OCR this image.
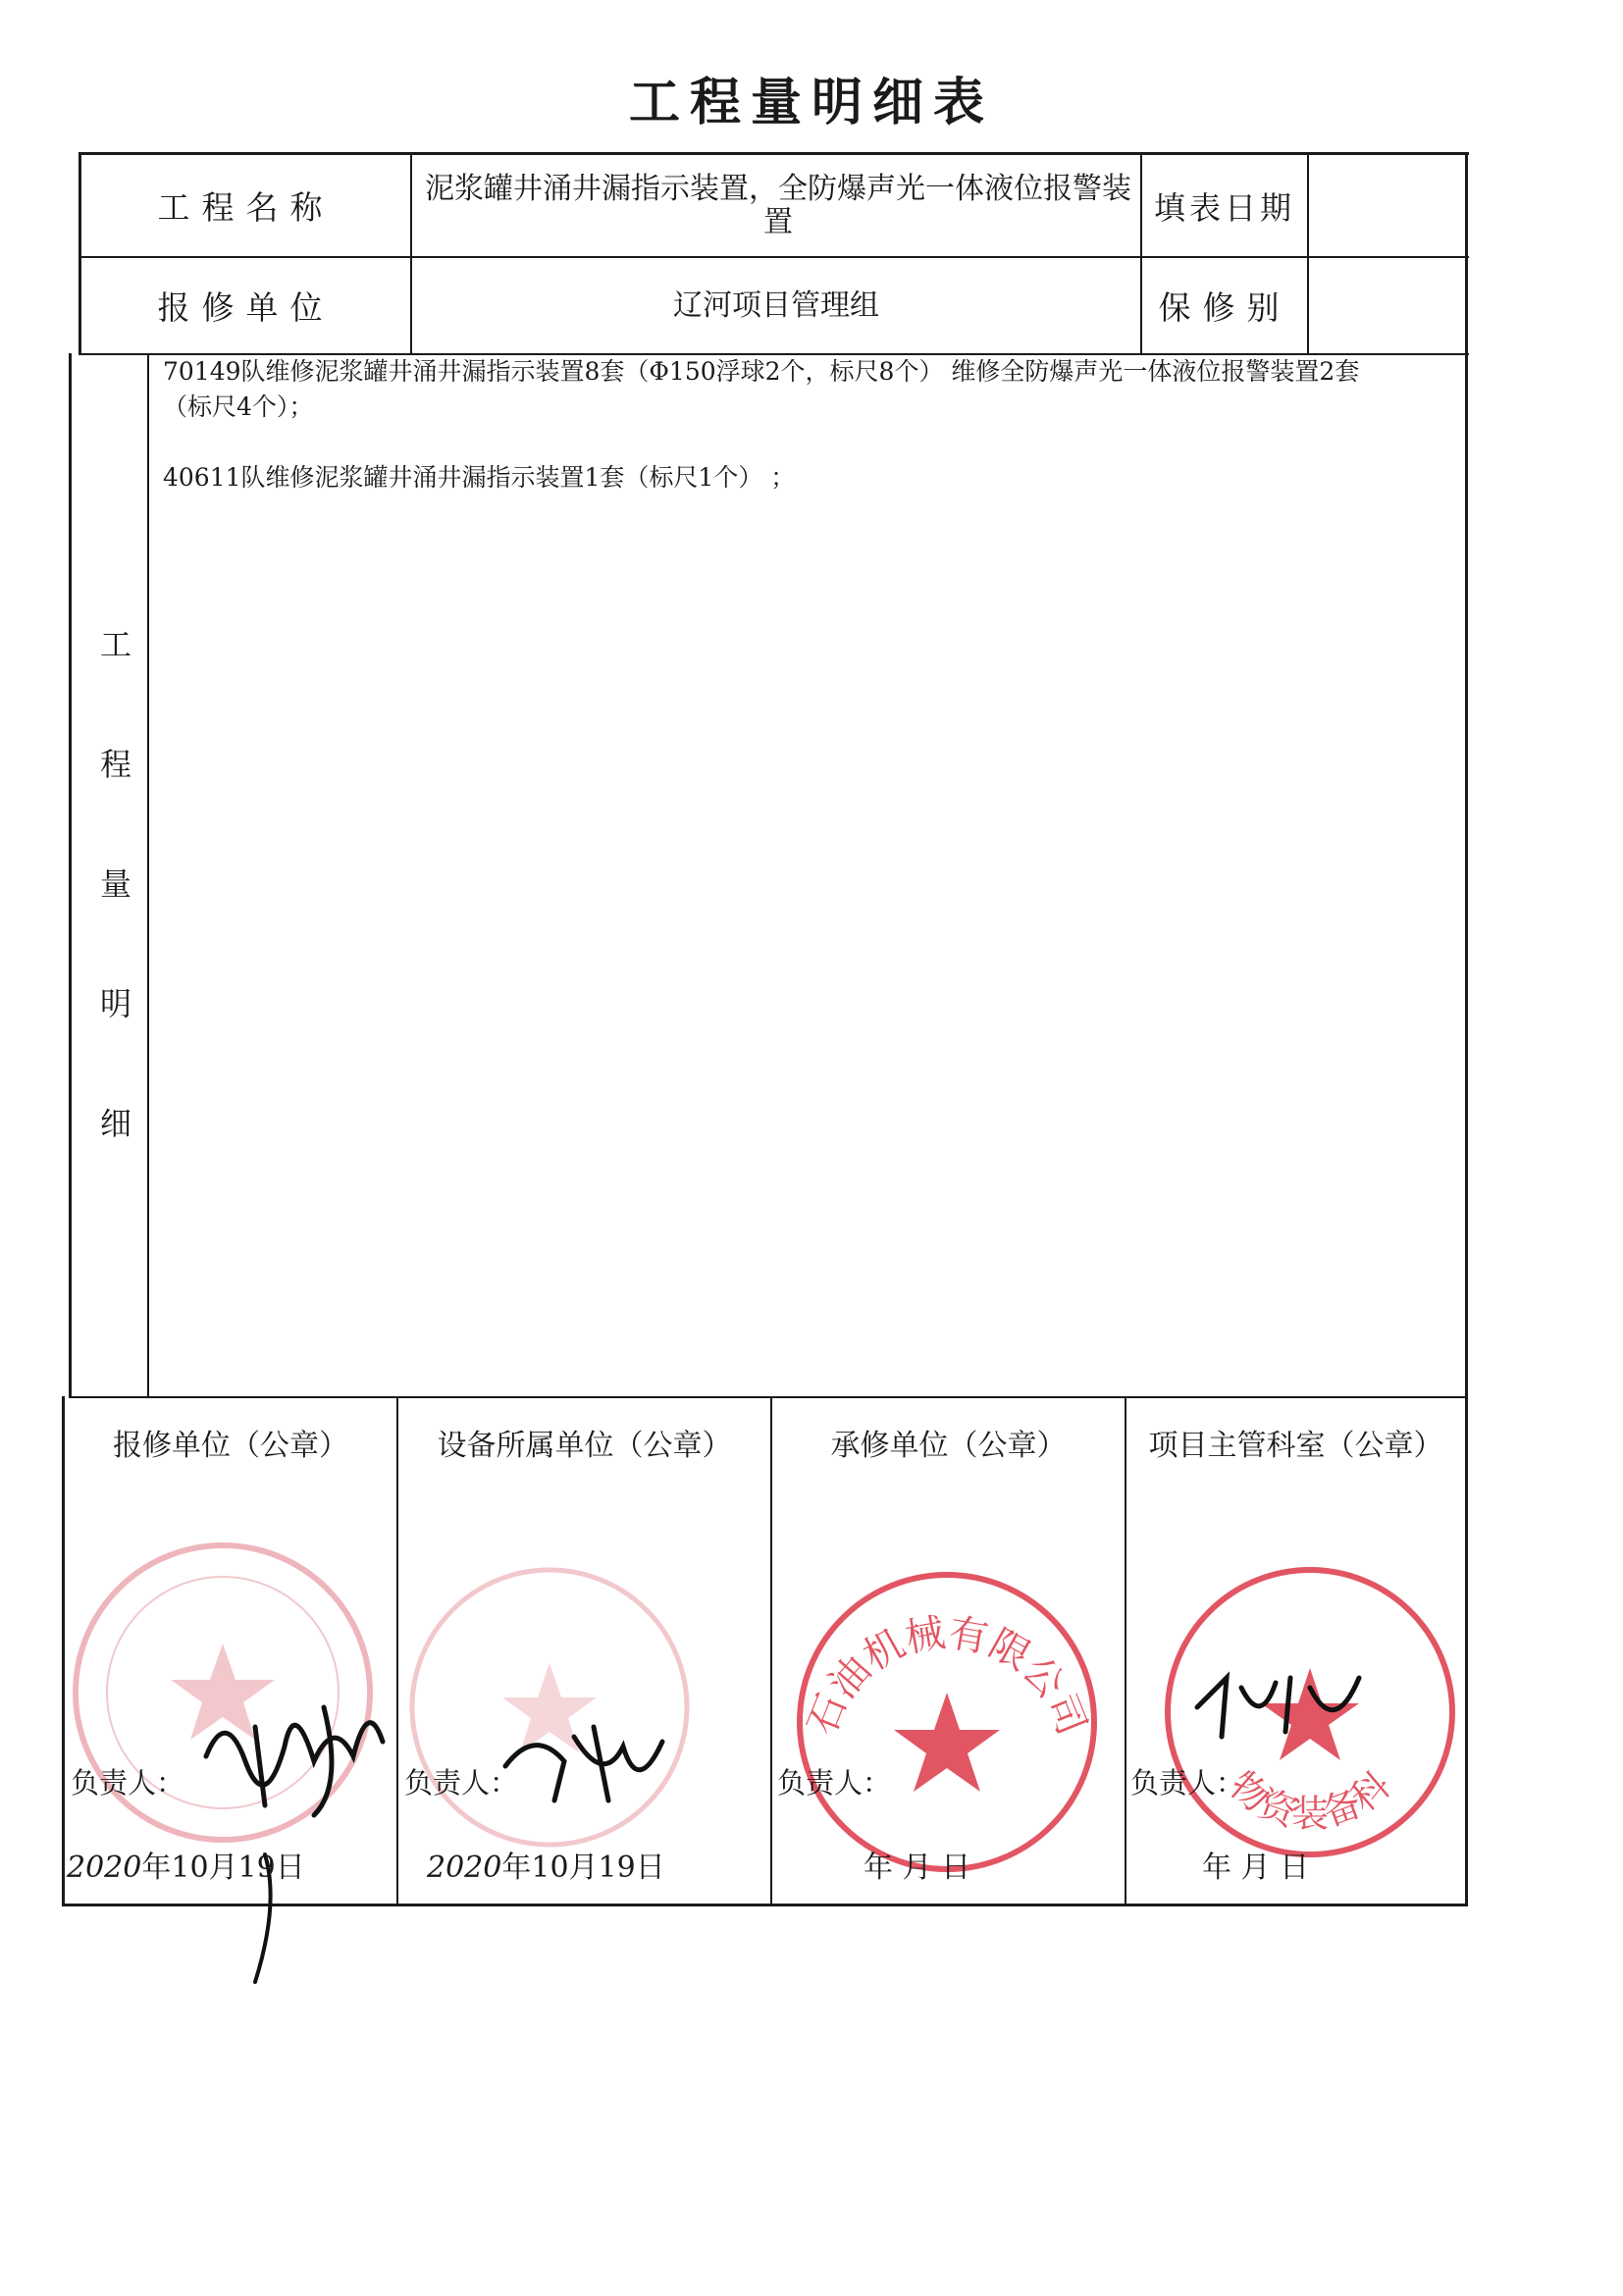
工程量明细表
工程名称	泥浆罐井涌井漏指示装置，全防爆声光一体液位报警装置	填表日期
报修单位	辽河项目管理组	保修别
工
程
量
明
细
70149队维修泥浆罐井涌井漏指示装置8套（Φ150浮球2个，标尺8个） 维修全防爆声光一体液位报警装置2套
（标尺4个）；
40611队维修泥浆罐井涌井漏指示装置1套（标尺1个） ；
石油机械有限公司
物资装备科
报修单位（公章）	设备所属单位（公章）	承修单位（公章）	项目主管科室（公章）
负责人：	负责人：	负责人：	负责人：
2020年10月19日	2020年10月19日	年 月 日	年 月 日
